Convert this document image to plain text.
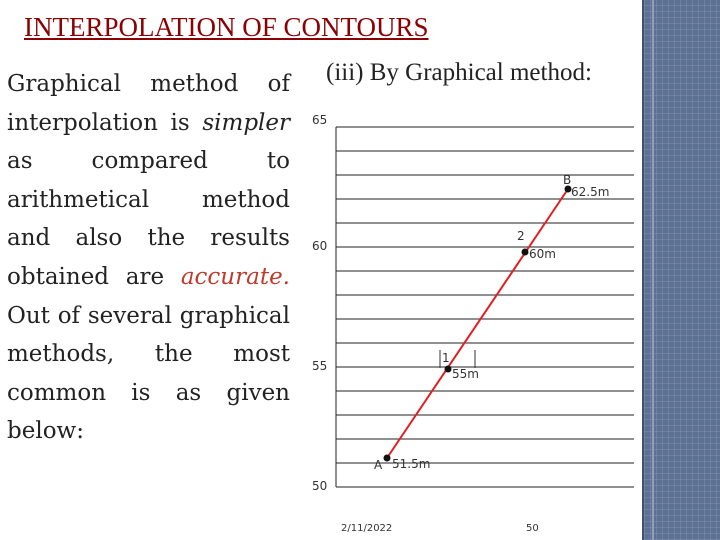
INTERPOLATION OF CONTOURS
Graphical method of interpolation is simpler as compared to arithmetical method and also the results obtained are accurate. Out of several graphical methods, the most common is as given below:
(iii) By Graphical method:
65
60
55
50
A 51.5m
B
62.5m
1
55m
2
60m
2/11/2022	50
